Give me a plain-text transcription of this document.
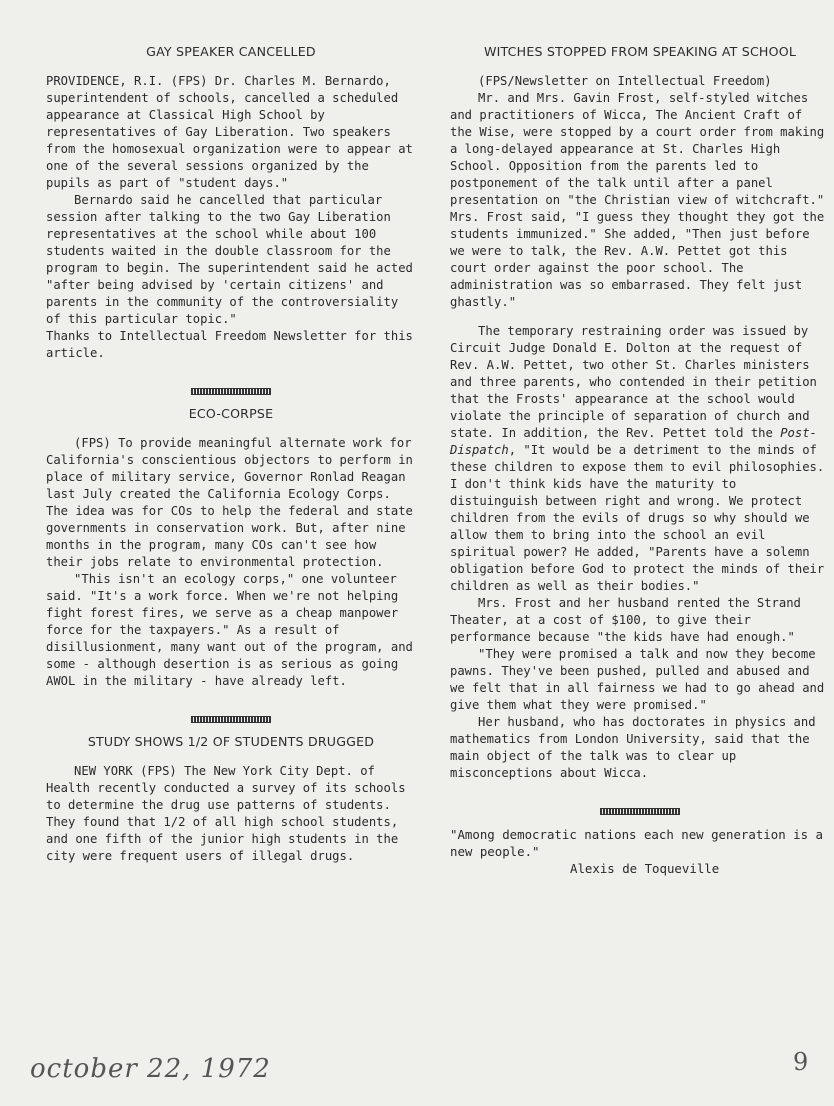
GAY SPEAKER CANCELLED

PROVIDENCE, R.I. (FPS) Dr. Charles M. Bernardo, superintendent of schools, cancelled a scheduled appearance at Classical High School by representatives of Gay Liberation. Two speakers from the homosexual organization were to appear at one of the several sessions organized by the pupils as part of "student days."

Bernardo said he cancelled that particular session after talking to the two Gay Liberation representatives at the school while about 100 students waited in the double classroom for the program to begin. The superintendent said he acted "after being advised by 'certain citizens' and parents in the community of the controversiality of this particular topic."

Thanks to Intellectual Freedom Newsletter for this article.

ECO-CORPSE

(FPS) To provide meaningful alternate work for California's conscientious objectors to perform in place of military service, Governor Ronlad Reagan last July created the California Ecology Corps. The idea was for COs to help the federal and state governments in conservation work. But, after nine months in the program, many COs can't see how their jobs relate to environmental protection.

"This isn't an ecology corps," one volunteer said. "It's a work force. When we're not helping fight forest fires, we serve as a cheap manpower force for the taxpayers." As a result of disillusionment, many want out of the program, and some - although desertion is as serious as going AWOL in the military - have already left.

STUDY SHOWS 1/2 OF STUDENTS DRUGGED

NEW YORK (FPS) The New York City Dept. of Health recently conducted a survey of its schools to determine the drug use patterns of students. They found that 1/2 of all high school students, and one fifth of the junior high students in the city were frequent users of illegal drugs.

WITCHES STOPPED FROM SPEAKING AT SCHOOL

(FPS/Newsletter on Intellectual Freedom)

Mr. and Mrs. Gavin Frost, self-styled witches and practitioners of Wicca, The Ancient Craft of the Wise, were stopped by a court order from making a long-delayed appearance at St. Charles High School. Opposition from the parents led to postponement of the talk until after a panel presentation on "the Christian view of witchcraft." Mrs. Frost said, "I guess they thought they got the students immunized." She added, "Then just before we were to talk, the Rev. A.W. Pettet got this court order against the poor school. The administration was so embarrased. They felt just ghastly."

The temporary restraining order was issued by Circuit Judge Donald E. Dolton at the request of Rev. A.W. Pettet, two other St. Charles ministers and three parents, who contended in their petition that the Frosts' appearance at the school would violate the principle of separation of church and state. In addition, the Rev. Pettet told the Post-Dispatch, "It would be a detriment to the minds of these children to expose them to evil philosophies. I don't think kids have the maturity to distuinguish between right and wrong. We protect children from the evils of drugs so why should we allow them to bring into the school an evil spiritual power? He added, "Parents have a solemn obligation before God to protect the minds of their children as well as their bodies."

Mrs. Frost and her husband rented the Strand Theater, at a cost of $100, to give their performance because "the kids have had enough."

"They were promised a talk and now they become pawns. They've been pushed, pulled and abused and we felt that in all fairness we had to go ahead and give them what they were promised."

Her husband, who has doctorates in physics and mathematics from London University, said that the main object of the talk was to clear up misconceptions about Wicca.

"Among democratic nations each new generation is a new people."

Alexis de Toqueville

october 22, 1972	9
